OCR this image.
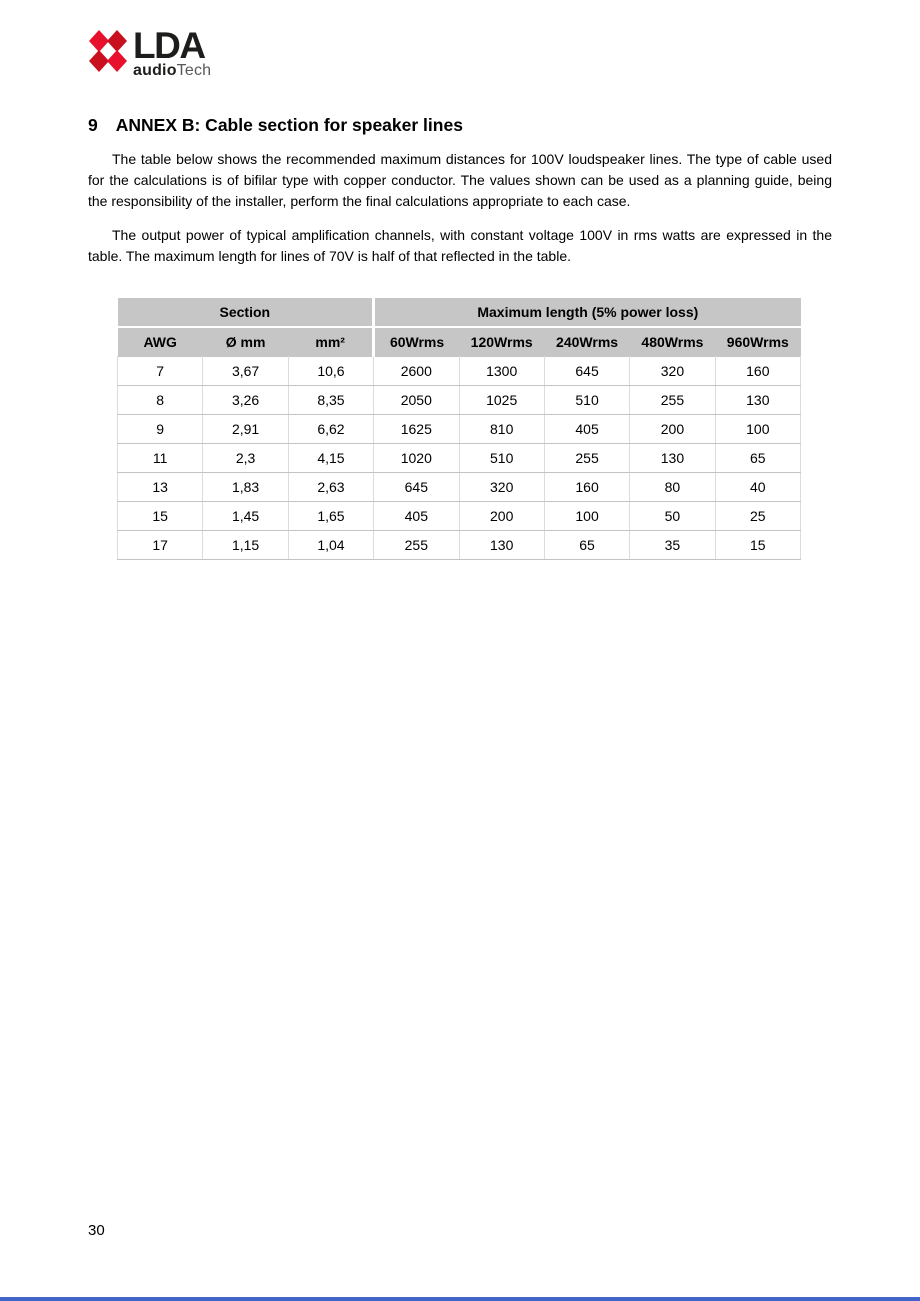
LDA
audioTech
9 ANNEX B: Cable section for speaker lines

The table below shows the recommended maximum distances for 100V loudspeaker lines. The type of cable used for the calculations is of bifilar type with copper conductor. The values shown can be used as a planning guide, being the responsibility of the installer, perform the final calculations appropriate to each case.

The output power of typical amplification channels, with constant voltage 100V in rms watts are expressed in the table. The maximum length for lines of 70V is half of that reflected in the table.

Section			Maximum length (5% power loss)				
AWG	Ø mm	mm²	60Wrms	120Wrms	240Wrms	480Wrms	960Wrms
7	3,67	10,6	2600	1300	645	320	160
8	3,26	8,35	2050	1025	510	255	130
9	2,91	6,62	1625	810	405	200	100
11	2,3	4,15	1020	510	255	130	65
13	1,83	2,63	645	320	160	80	40
15	1,45	1,65	405	200	100	50	25
17	1,15	1,04	255	130	65	35	15
30
